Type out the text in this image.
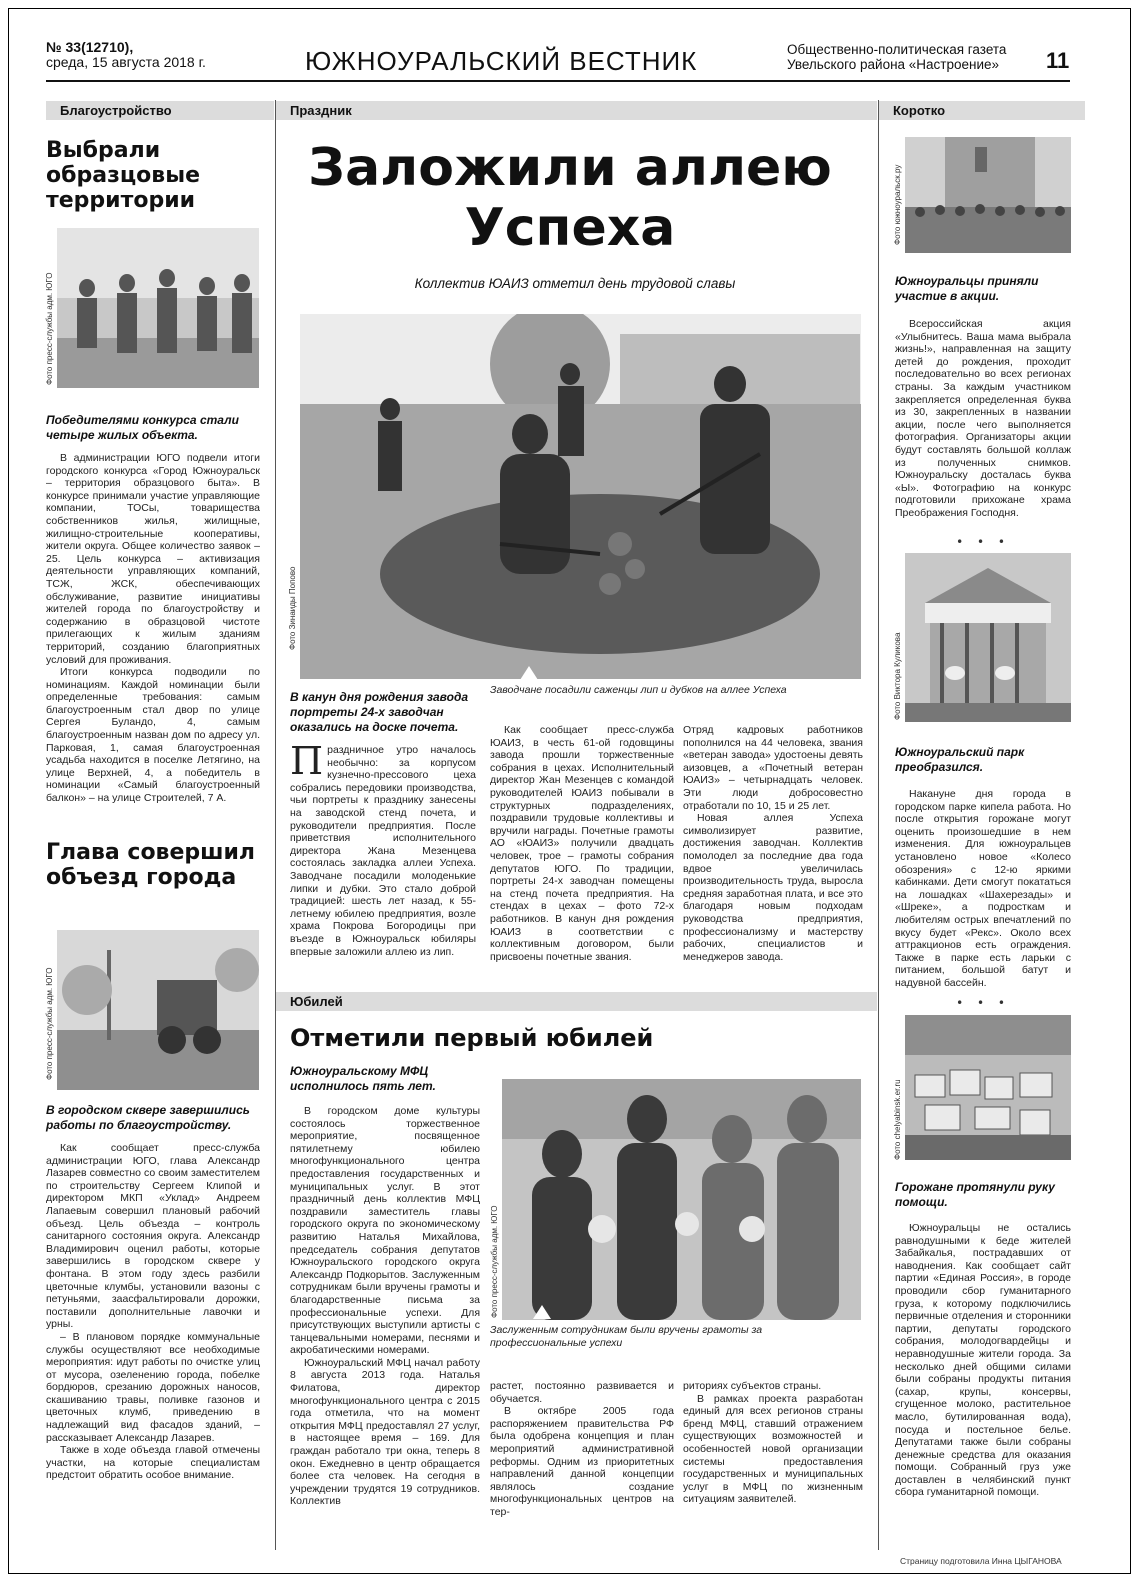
№ 33(12710),
среда, 15 августа 2018 г.	ЮЖНОУРАЛЬСКИЙ ВЕСТНИК	Общественно-политическая газета
Увельского района «Настроение»	11
Благоустройство
Выбрали образцовые территории
Фото пресс-службы адм. ЮГО
Победителями конкурса стали четыре жилых объекта.

В администрации ЮГО подвели итоги городского конкурса «Город Южноуральск – территория образцового быта». В конкурсе принимали участие управляющие компании, ТОСы, товарищества собственников жилья, жилищные, жилищно-строительные кооперативы, жители округа. Общее количество заявок – 25. Цель конкурса – активизация деятельности управляющих компаний, ТСЖ, ЖСК, обеспечивающих обслуживание, развитие инициативы жителей города по благоустройству и содержанию в образцовой чистоте прилегающих к жилым зданиям территорий, созданию благоприятных условий для проживания.

Итоги конкурса подводили по номинациям. Каждой номинации были определенные требования: самым благоустроенным стал двор по улице Сергея Буландо, 4, самым благоустроенным назван дом по адресу ул. Парковая, 1, самая благоустроенная усадьба находится в поселке Летягино, на улице Верхней, 4, а победитель в номинации «Самый благоустроенный балкон» – на улице Строителей, 7 А.

Глава совершил объезд города
Фото пресс-службы адм. ЮГО
В городском сквере завершились работы по благоустройству.

Как сообщает пресс-служба администрации ЮГО, глава Александр Лазарев совместно со своим заместителем по строительству Сергеем Клипой и директором МКП «Уклад» Андреем Лапаевым совершил плановый рабочий объезд. Цель объезда – контроль санитарного состояния округа. Александр Владимирович оценил работы, которые завершились в городском сквере у фонтана. В этом году здесь разбили цветочные клумбы, установили вазоны с петуньями, заасфальтировали дорожки, поставили дополнительные лавочки и урны.

– В плановом порядке коммунальные службы осуществляют все необходимые мероприятия: идут работы по очистке улиц от мусора, озеленению города, побелке бордюров, срезанию дорожных наносов, скашиванию травы, поливке газонов и цветочных клумб, приведению в надлежащий вид фасадов зданий, – рассказывает Александр Лазарев.

Также в ходе объезда главой отмечены участки, на которые специалистам предстоит обратить особое внимание.

Праздник
Заложили аллею Успеха
Коллектив ЮАИЗ отметил день трудовой славы
Фото Зинаиды Попово
Заводчане посадили саженцы лип и дубков на аллее Успеха
В канун дня рождения завода портреты 24-х заводчан оказались на доске почета.
Праздничное утро началось необычно: за корпусом кузнечно-прессового цеха собрались передовики производства, чьи портреты к празднику занесены на заводской стенд почета, и руководители предприятия. После приветствия исполнительного директора Жана Мезенцева состоялась закладка аллеи Успеха. Заводчане посадили молоденькие липки и дубки. Это стало доброй традицией: шесть лет назад, к 55-летнему юбилею предприятия, возле храма Покрова Богородицы при въезде в Южноуральск юбиляры впервые заложили аллею из лип.

Как сообщает пресс-служба ЮАИЗ, в честь 61-ой годовщины завода прошли торжественные собрания в цехах. Исполнительный директор Жан Мезенцев с командой руководителей ЮАИЗ побывали в структурных подразделениях, поздравили трудовые коллективы и вручили награды. Почетные грамоты АО «ЮАИЗ» получили двадцать человек, трое – грамоты собрания депутатов ЮГО. По традиции, портреты 24-х заводчан помещены на стенд почета предприятия. На стендах в цехах – фото 72-х работников. В канун дня рождения ЮАИЗ в соответствии с коллективным договором, были присвоены почетные звания.

Отряд кадровых работников пополнился на 44 человека, звания «ветеран завода» удостоены девять аизовцев, а «Почетный ветеран ЮАИЗ» – четырнадцать человек. Эти люди добросовестно отработали по 10, 15 и 25 лет.

Новая аллея Успеха символизирует развитие, достижения заводчан. Коллектив помолодел за последние два года вдвое увеличилась производительность труда, выросла средняя заработная плата, и все это благодаря новым подходам руководства предприятия, профессионализму и мастерству рабочих, специалистов и менеджеров завода.

Юбилей
Отметили первый юбилей
Южноуральскому МФЦ исполнилось пять лет.
Фото пресс-службы адм. ЮГО
Заслуженным сотрудникам были вручены грамоты за профессиональные успехи

В городском доме культуры состоялось торжественное мероприятие, посвященное пятилетнему юбилею многофункционального центра предоставления государственных и муниципальных услуг. В этот праздничный день коллектив МФЦ поздравили заместитель главы городского округа по экономическому развитию Наталья Михайлова, председатель собрания депутатов Южноуральского городского округа Александр Подкорытов. Заслуженным сотрудникам были вручены грамоты и благодарственные письма за профессиональные успехи. Для присутствующих выступили артисты с танцевальными номерами, песнями и акробатическими номерами.

Южноуральский МФЦ начал работу 8 августа 2013 года. Наталья Филатова, директор многофункционального центра с 2015 года отметила, что на момент открытия МФЦ предоставлял 27 услуг, в настоящее время – 169. Для граждан работало три окна, теперь 8 окон. Ежедневно в центр обращается более ста человек. На сегодня в учреждении трудятся 19 сотрудников. Коллектив

растет, постоянно развивается и обучается.

В октябре 2005 года распоряжением правительства РФ была одобрена концепция и план мероприятий административной реформы. Одним из приоритетных направлений данной концепции являлось создание многофункциональных центров на тер-

риториях субъектов страны.

В рамках проекта разработан единый для всех регионов страны бренд МФЦ, ставший отражением существующих возможностей и особенностей новой организации системы предоставления государственных и муниципальных услуг в МФЦ по жизненным ситуациям заявителей.

Коротко
Фото южноуральск.ру
Южноуральцы приняли участие в акции.

Всероссийская акция «Улыбнитесь. Ваша мама выбрала жизнь!», направленная на защиту детей до рождения, проходит последовательно во всех регионах страны. За каждым участником закрепляется определенная буква из 30, закрепленных в названии акции, после чего выполняется фотография. Организаторы акции будут составлять большой коллаж из полученных снимков. Южноуральску досталась буква «Ы». Фотографию на конкурс подготовили прихожане храма Преображения Господня.

• • •
Фото Виктора Куликова
Южноуральский парк преобразился.

Накануне дня города в городском парке кипела работа. Но после открытия горожане могут оценить произошедшие в нем изменения. Для южноуральцев установлено новое «Колесо обозрения» с 12-ю яркими кабинками. Дети смогут покататься на лошадках «Шахерезады» и «Шреке», а подросткам и любителям острых впечатлений по вкусу будет «Рекс». Около всех аттракционов есть ограждения. Также в парке есть ларьки с питанием, большой батут и надувной бассейн.

• • •
Фото chelyabinsk.er.ru
Горожане протянули руку помощи.

Южноуральцы не остались равнодушными к беде жителей Забайкалья, пострадавших от наводнения. Как сообщает сайт партии «Единая Россия», в городе проводили сбор гуманитарного груза, к которому подключились первичные отделения и сторонники партии, депутаты городского собрания, молодогвардейцы и неравнодушные жители города. За несколько дней общими силами были собраны продукты питания (сахар, крупы, консервы, сгущенное молоко, растительное масло, бутилированная вода), посуда и постельное белье. Депутатами также были собраны денежные средства для оказания помощи. Собранный груз уже доставлен в челябинский пункт сбора гуманитарной помощи.

Страницу подготовила Инна ЦЫГАНОВА
